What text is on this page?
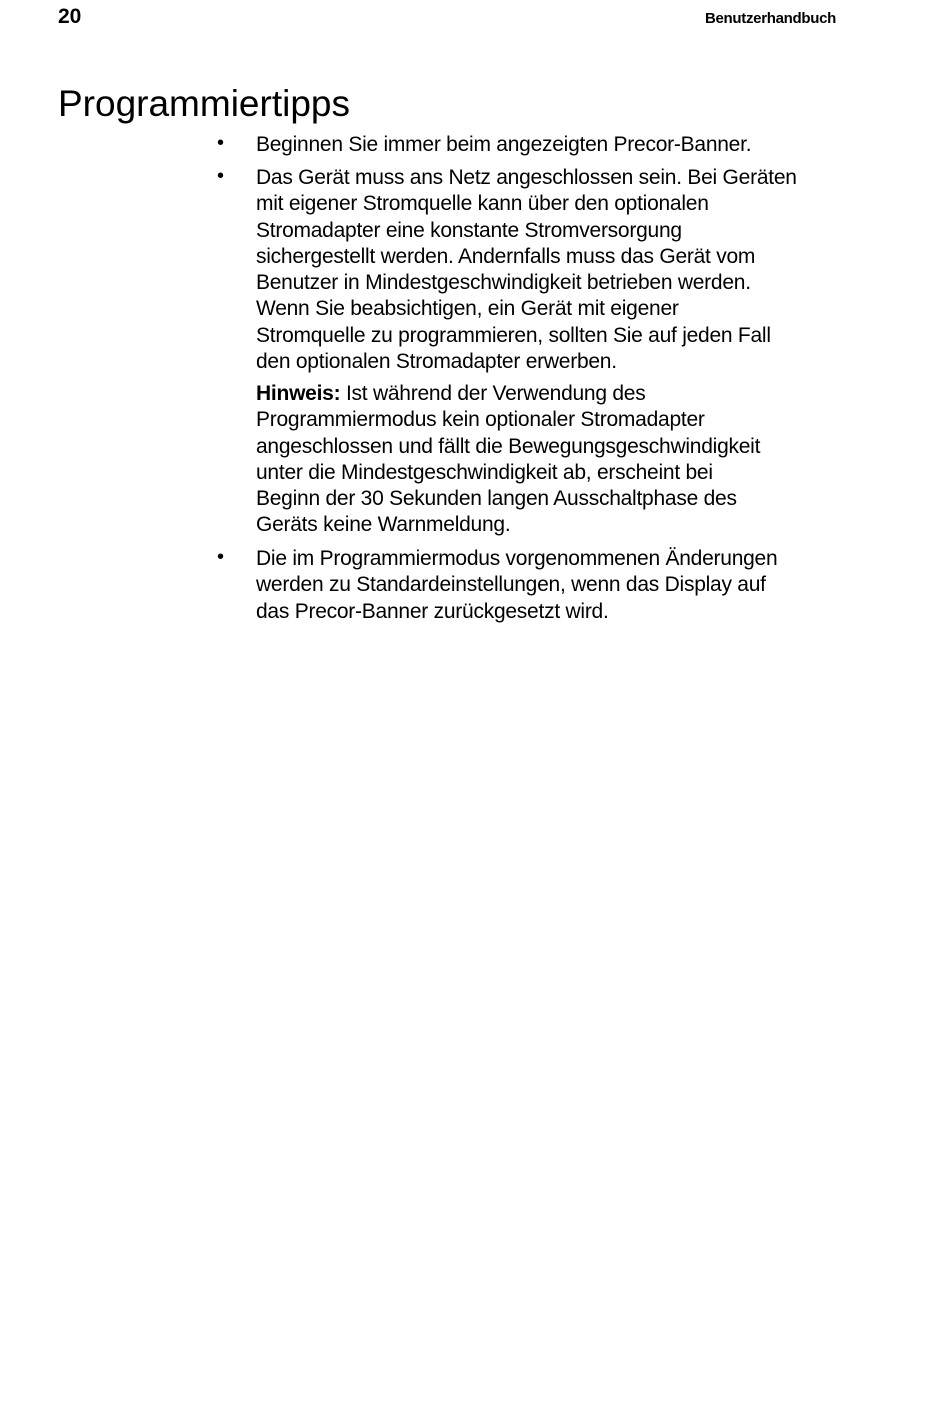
20	Benutzerhandbuch
Programmiertipps
• Beginnen Sie immer beim angezeigten Precor-Banner.
• Das Gerät muss ans Netz angeschlossen sein. Bei Geräten
mit eigener Stromquelle kann über den optionalen
Stromadapter eine konstante Stromversorgung
sichergestellt werden. Andernfalls muss das Gerät vom
Benutzer in Mindestgeschwindigkeit betrieben werden.
Wenn Sie beabsichtigen, ein Gerät mit eigener
Stromquelle zu programmieren, sollten Sie auf jeden Fall
den optionalen Stromadapter erwerben.
Hinweis: Ist während der Verwendung des
Programmiermodus kein optionaler Stromadapter
angeschlossen und fällt die Bewegungsgeschwindigkeit
unter die Mindestgeschwindigkeit ab, erscheint bei
Beginn der 30 Sekunden langen Ausschaltphase des
Geräts keine Warnmeldung.
• Die im Programmiermodus vorgenommenen Änderungen
werden zu Standardeinstellungen, wenn das Display auf
das Precor-Banner zurückgesetzt wird.
